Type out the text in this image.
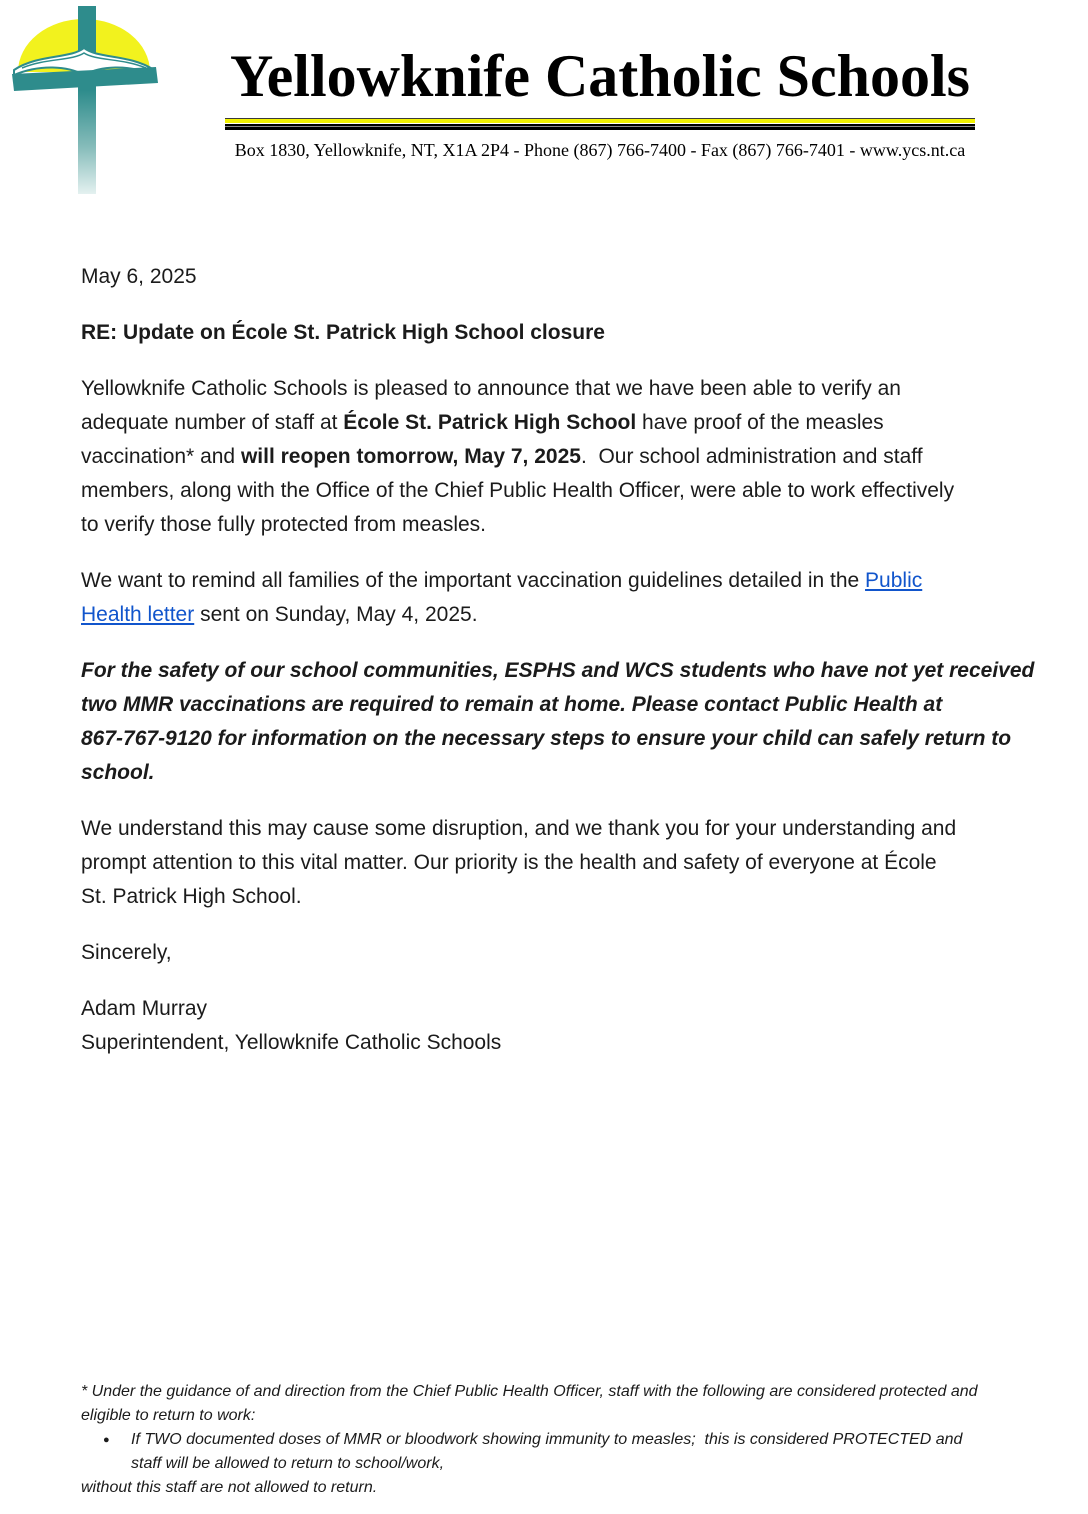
Yellowknife Catholic Schools
Box 1830, Yellowknife, NT, X1A 2P4 - Phone (867) 766-7400 - Fax (867) 766-7401 - www.ycs.nt.ca

May 6, 2025

RE: Update on École St. Patrick High School closure

Yellowknife Catholic Schools is pleased to announce that we have been able to verify an
adequate number of staff at École St. Patrick High School have proof of the measles
vaccination* and will reopen tomorrow, May 7, 2025.  Our school administration and staff
members, along with the Office of the Chief Public Health Officer, were able to work effectively
to verify those fully protected from measles.

We want to remind all families of the important vaccination guidelines detailed in the Public
Health letter sent on Sunday, May 4, 2025.

For the safety of our school communities, ESPHS and WCS students who have not yet received
two MMR vaccinations are required to remain at home. Please contact Public Health at
867-767-9120 for information on the necessary steps to ensure your child can safely return to
school.

We understand this may cause some disruption, and we thank you for your understanding and
prompt attention to this vital matter. Our priority is the health and safety of everyone at École
St. Patrick High School.

Sincerely,

Adam Murray
Superintendent, Yellowknife Catholic Schools

* Under the guidance of and direction from the Chief Public Health Officer, staff with the following are considered protected and
eligible to return to work:

●	If TWO documented doses of MMR or bloodwork showing immunity to measles;  this is considered PROTECTED and
staff will be allowed to return to school/work,

without this staff are not allowed to return.
